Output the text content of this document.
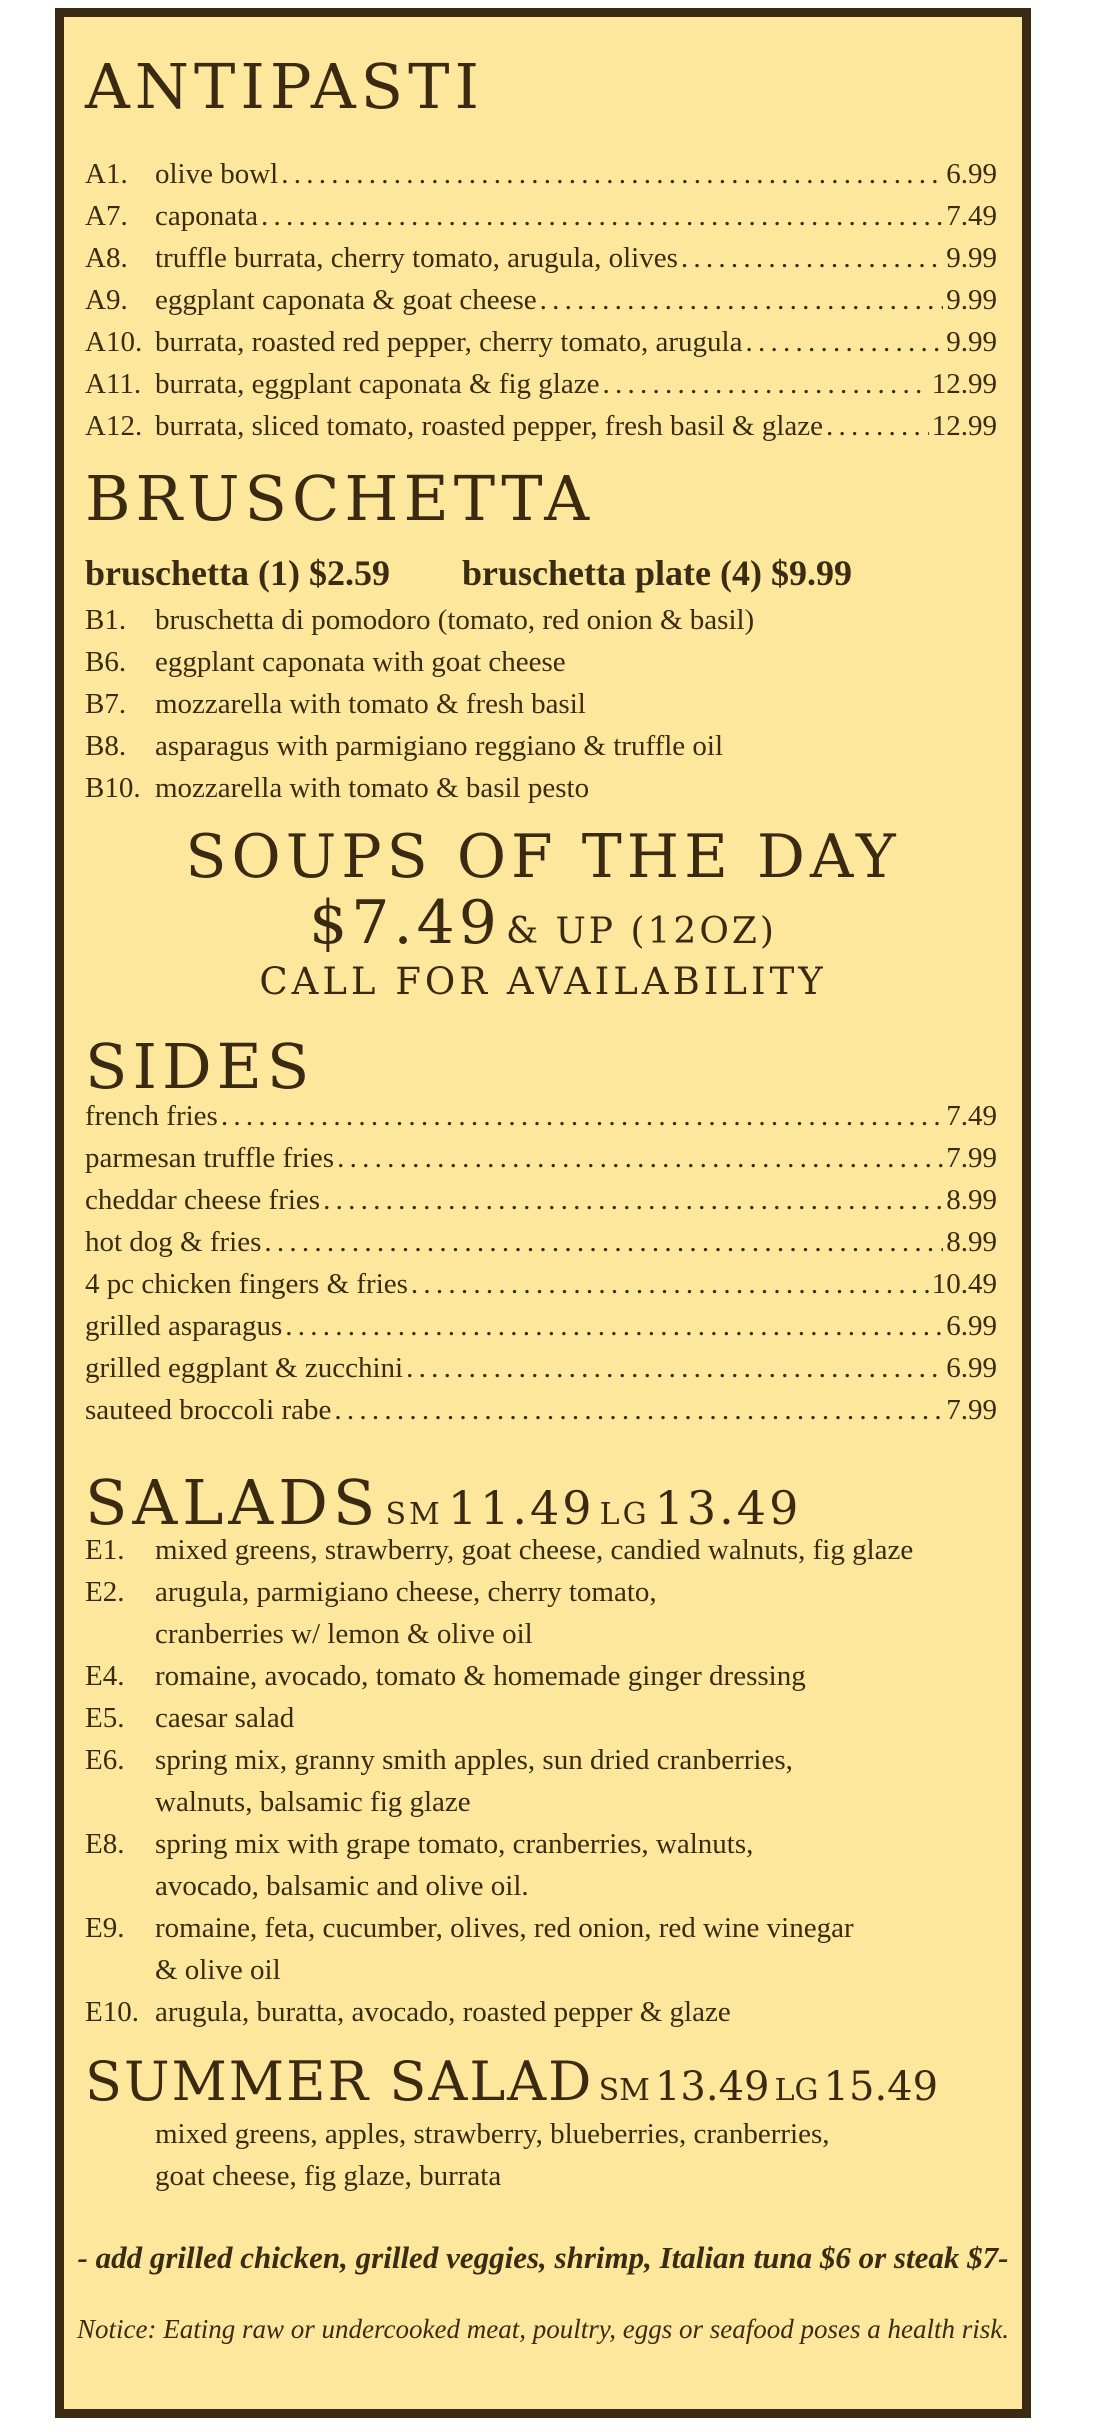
ANTIPASTI
A1. olive bowl . . .	6.99
A7. caponata . . .	7.49
A8. truffle burrata, cherry tomato, arugula, olives . . .	9.99
A9. eggplant caponata & goat cheese . . .	9.99
A10. burrata, roasted red pepper, cherry tomato, arugula . . .	9.99
A11. burrata, eggplant caponata & fig glaze . . .	12.99
A12. burrata, sliced tomato, roasted pepper, fresh basil & glaze . . .	12.99
BRUSCHETTA
bruschetta (1) $2.59 bruschetta plate (4) $9.99
B1. bruschetta di pomodoro (tomato, red onion & basil)
B6. eggplant caponata with goat cheese
B7. mozzarella with tomato & fresh basil
B8. asparagus with parmigiano reggiano & truffle oil
B10. mozzarella with tomato & basil pesto
SOUPS OF THE DAY
$7.49 & UP (12OZ)
CALL FOR AVAILABILITY
SIDES
french fries . . .	7.49
parmesan truffle fries . . .	7.99
cheddar cheese fries . . .	8.99
hot dog & fries . . .	8.99
4 pc chicken fingers & fries . . .	10.49
grilled asparagus . . .	6.99
grilled eggplant & zucchini . . .	6.99
sauteed broccoli rabe . . .	7.99
SALADS SM 11.49 LG 13.49
E1.	mixed greens, strawberry, goat cheese, candied walnuts, fig glaze
E2.	arugula, parmigiano cheese, cherry tomato,
cranberries w/ lemon & olive oil
E4.	romaine, avocado, tomato & homemade ginger dressing
E5.	caesar salad
E6.	spring mix, granny smith apples, sun dried cranberries,
walnuts, balsamic fig glaze
E8.	spring mix with grape tomato, cranberries, walnuts,
avocado, balsamic and olive oil.
E9.	romaine, feta, cucumber, olives, red onion, red wine vinegar
& olive oil
E10. arugula, buratta, avocado, roasted pepper & glaze
SUMMER SALAD SM 13.49 LG 15.49
mixed greens, apples, strawberry, blueberries, cranberries,
goat cheese, fig glaze, burrata
- add grilled chicken, grilled veggies, shrimp, Italian tuna $6 or steak $7-
Notice: Eating raw or undercooked meat, poultry, eggs or seafood poses a health risk.
